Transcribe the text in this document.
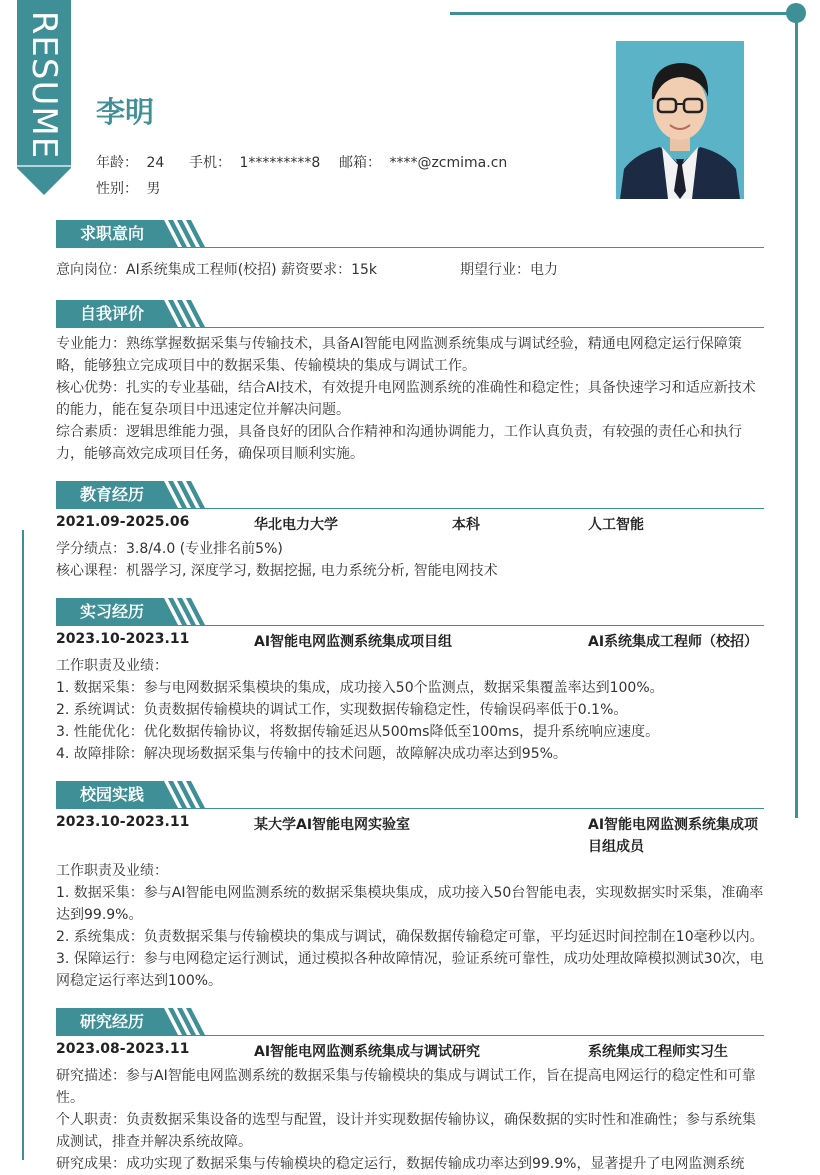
RESUME 李明
年龄： 24 手机： 1*********8 邮箱： ****@zcmima.cn
性别： 男
求职意向
意向岗位：AI系统集成工程师(校招) 薪资要求：15k	期望行业：电力
自我评价

专业能力：熟练掌握数据采集与传输技术，具备AI智能电网监测系统集成与调试经验，精通电网稳定运行保障策略，能够独立完成项目中的数据采集、传输模块的集成与调试工作。

核心优势：扎实的专业基础，结合AI技术，有效提升电网监测系统的准确性和稳定性；具备快速学习和适应新技术的能力，能在复杂项目中迅速定位并解决问题。

综合素质：逻辑思维能力强，具备良好的团队合作精神和沟通协调能力，工作认真负责，有较强的责任心和执行力，能够高效完成项目任务，确保项目顺利实施。

教育经历
2021.09-2025.06	华北电力大学	本科	人工智能

学分绩点：3.8/4.0 (专业排名前5%)

核心课程：机器学习, 深度学习, 数据挖掘, 电力系统分析, 智能电网技术

实习经历
2023.10-2023.11	AI智能电网监测系统集成项目组	AI系统集成工程师（校招）

工作职责及业绩：

1. 数据采集：参与电网数据采集模块的集成，成功接入50个监测点，数据采集覆盖率达到100%。

2. 系统调试：负责数据传输模块的调试工作，实现数据传输稳定性，传输误码率低于0.1%。

3. 性能优化：优化数据传输协议，将数据传输延迟从500ms降低至100ms，提升系统响应速度。

4. 故障排除：解决现场数据采集与传输中的技术问题，故障解决成功率达到95%。

校园实践
2023.10-2023.11	某大学AI智能电网实验室	AI智能电网监测系统集成项目组成员

工作职责及业绩：

1. 数据采集：参与AI智能电网监测系统的数据采集模块集成，成功接入50台智能电表，实现数据实时采集，准确率达到99.9%。

2. 系统集成：负责数据采集与传输模块的集成与调试，确保数据传输稳定可靠，平均延迟时间控制在10毫秒以内。

3. 保障运行：参与电网稳定运行测试，通过模拟各种故障情况，验证系统可靠性，成功处理故障模拟测试30次，电网稳定运行率达到100%。

研究经历
2023.08-2023.11	AI智能电网监测系统集成与调试研究	系统集成工程师实习生

研究描述：参与AI智能电网监测系统的数据采集与传输模块的集成与调试工作，旨在提高电网运行的稳定性和可靠性。

个人职责：负责数据采集设备的选型与配置，设计并实现数据传输协议，确保数据的实时性和准确性；参与系统集成测试，排查并解决系统故障。

研究成果：成功实现了数据采集与传输模块的稳定运行，数据传输成功率达到99.9%，显著提升了电网监测系统
